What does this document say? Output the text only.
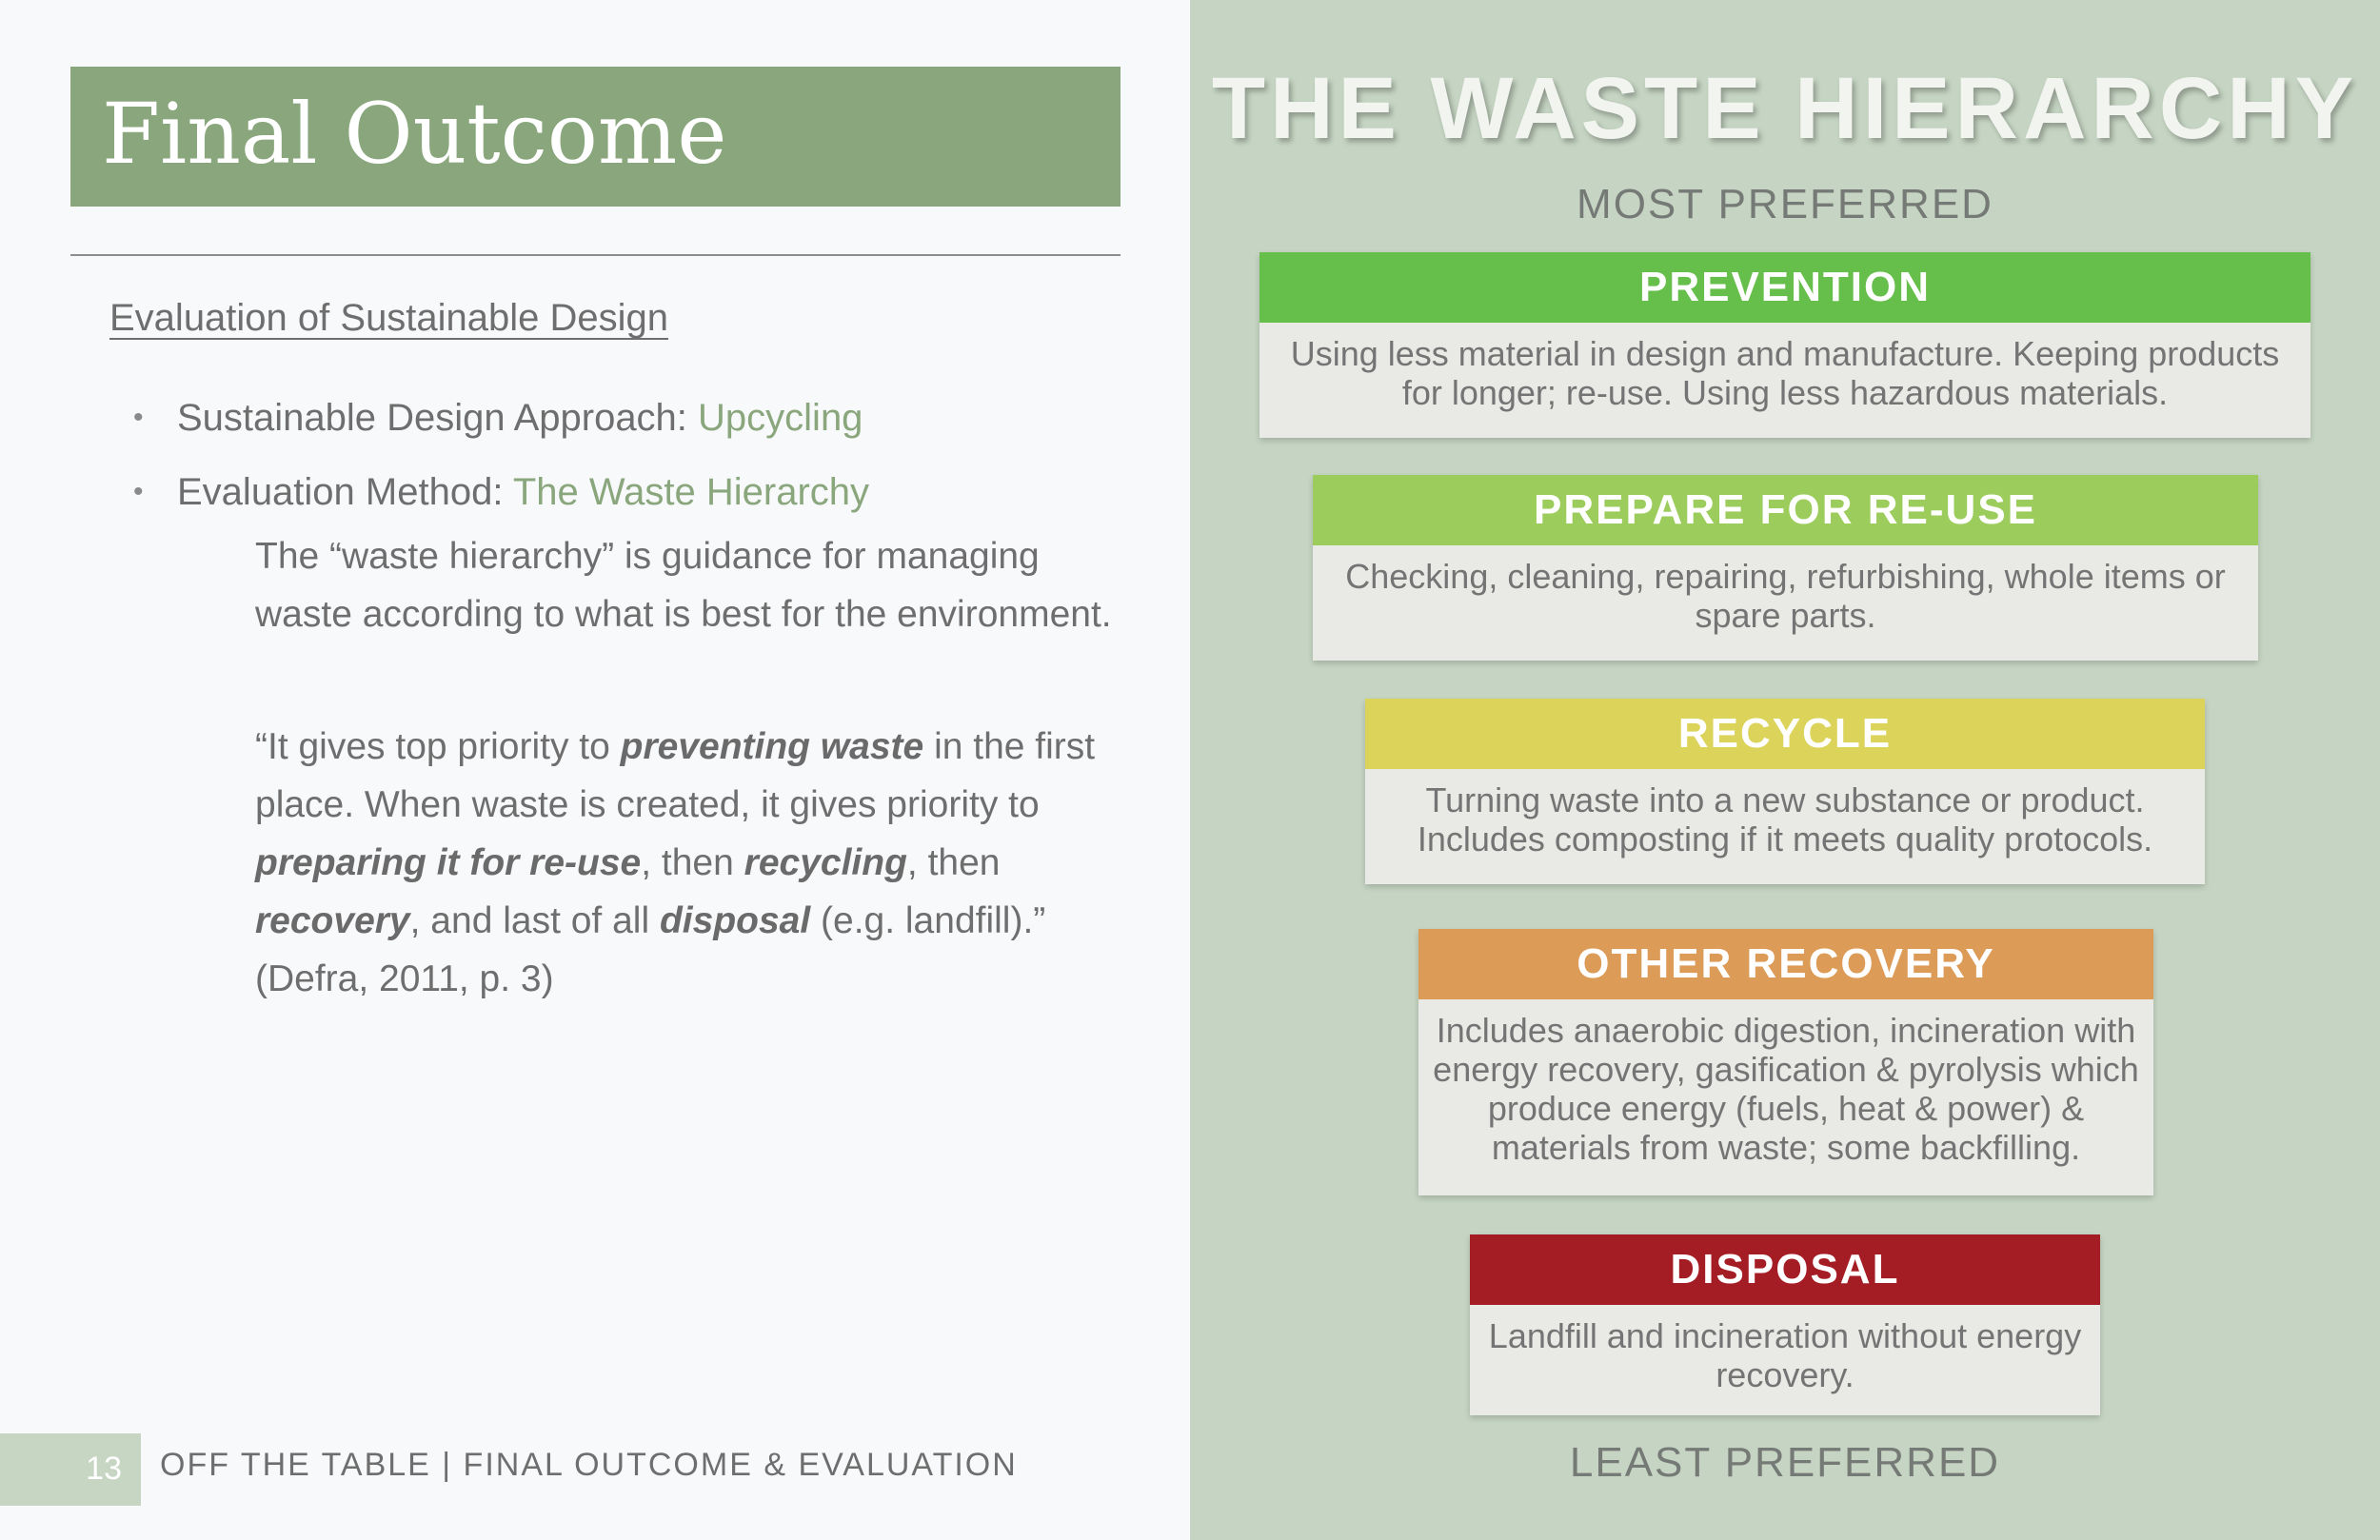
Final Outcome
Evaluation of Sustainable Design
• Sustainable Design Approach: Upcycling
• Evaluation Method: The Waste Hierarchy

The “waste hierarchy” is guidance for managing waste according to what is best for the environment.

“It gives top priority to preventing waste in the first place. When waste is created, it gives priority to preparing it for re-use, then recycling, then recovery, and last of all disposal (e.g. landfill).” (Defra, 2011, p. 3)

13 OFF THE TABLE | FINAL OUTCOME & EVALUATION
THE WASTE HIERARCHY
MOST PREFERRED
PREVENTION
Using less material in design and manufacture. Keeping products for longer; re-use. Using less hazardous materials.
PREPARE FOR RE-USE
Checking, cleaning, repairing, refurbishing, whole items or spare parts.
RECYCLE
Turning waste into a new substance or product. Includes composting if it meets quality protocols.
OTHER RECOVERY
Includes anaerobic digestion, incineration with energy recovery, gasification & pyrolysis which produce energy (fuels, heat & power) & materials from waste; some backfilling.
DISPOSAL
Landfill and incineration without energy recovery.
LEAST PREFERRED
